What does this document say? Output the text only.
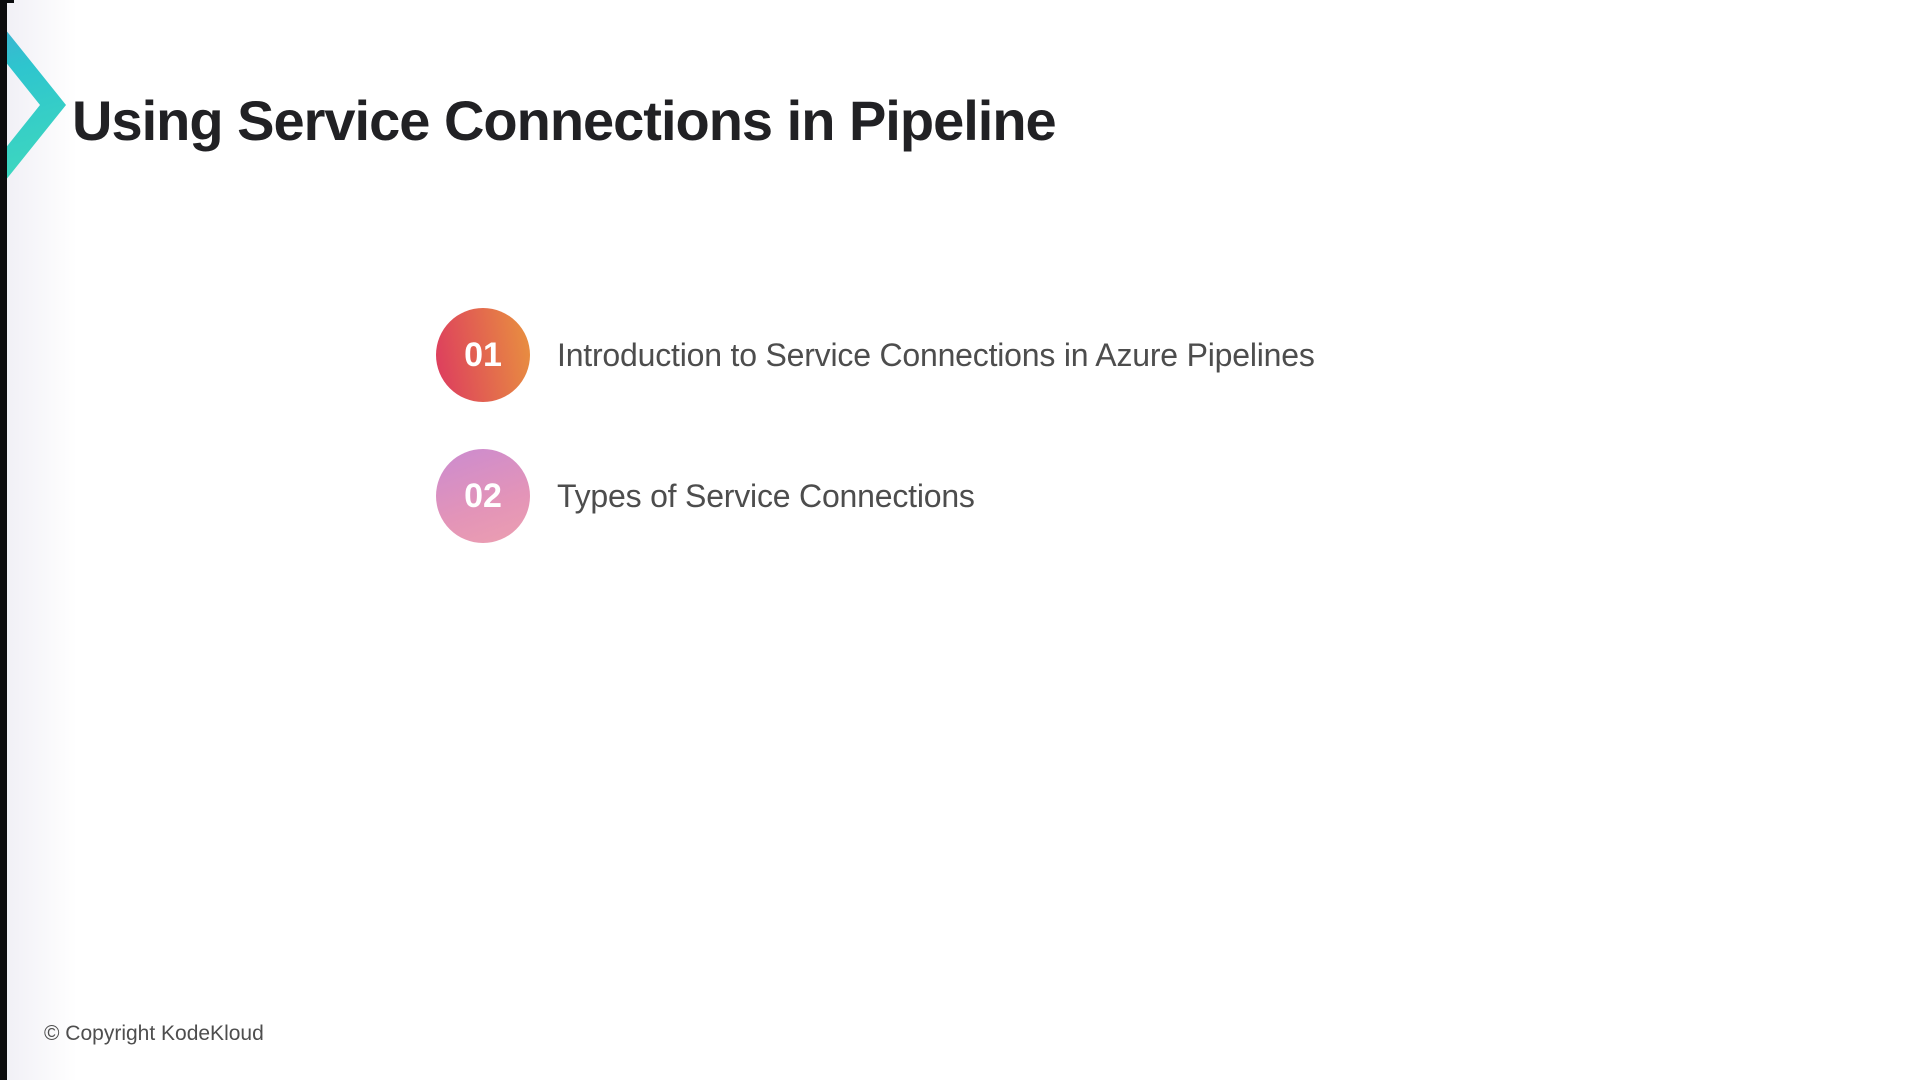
Using Service Connections in Pipeline
01	Introduction to Service Connections in Azure Pipelines
02	Types of Service Connections
© Copyright KodeKloud
